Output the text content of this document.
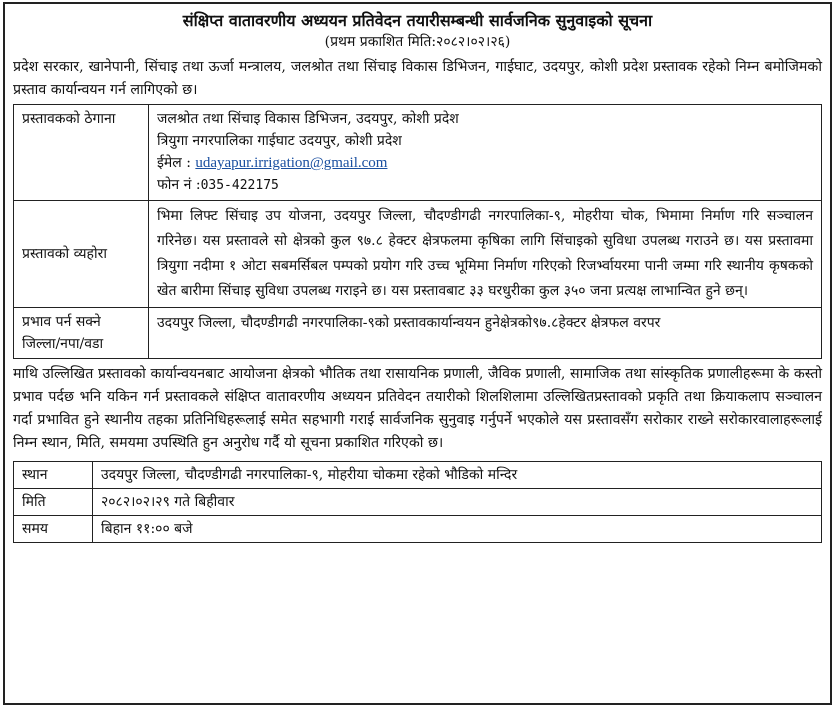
संक्षिप्त वातावरणीय अध्ययन प्रतिवेदन तयारीसम्बन्धी सार्वजनिक सुनुवाइको सूचना

(प्रथम प्रकाशित मिति:२०८२।०२।२६)

प्रदेश सरकार, खानेपानी, सिंचाइ तथा ऊर्जा मन्त्रालय, जलश्रोत तथा सिंचाइ विकास डिभिजन, गाईघाट, उदयपुर, कोशी प्रदेश प्रस्तावक रहेको निम्न बमोजिमको प्रस्ताव कार्यान्वयन गर्न लागिएको छ।

प्रस्तावकको ठेगाना	जलश्रोत तथा सिंचाइ विकास डिभिजन, उदयपुर, कोशी प्रदेश
त्रियुगा नगरपालिका गाईघाट उदयपुर, कोशी प्रदेश
ईमेल : udayapur.irrigation@gmail.com
फोन नं :035-422175

प्रस्तावको व्यहोरा	भिमा लिफ्ट सिंचाइ उप योजना, उदयपुर जिल्ला, चौदण्डीगढी नगरपालिका-९, मोहरीया चोक, भिमामा निर्माण गरि सञ्चालन गरिनेछ। यस प्रस्तावले सो क्षेत्रको कुल ९७.८ हेक्टर क्षेत्रफलमा कृषिका लागि सिंचाइको सुविधा उपलब्ध गराउने छ। यस प्रस्तावमा त्रियुगा नदीमा १ ओटा सबमर्सिबल पम्पको प्रयोग गरि उच्च भूमिमा निर्माण गरिएको रिजर्भ्वायरमा पानी जम्मा गरि स्थानीय कृषकको खेत बारीमा सिंचाइ सुविधा उपलब्ध गराइने छ। यस प्रस्तावबाट ३३ घरधुरीका कुल ३५० जना प्रत्यक्ष लाभान्वित हुने छन्।
प्रभाव पर्न सक्ने जिल्ला/नपा/वडा	उदयपुर जिल्ला, चौदण्डीगढी नगरपालिका-९को प्रस्तावकार्यान्वयन हुनेक्षेत्रको९७.८हेक्टर क्षेत्रफल वरपर

माथि उल्लिखित प्रस्तावको कार्यान्वयनबाट आयोजना क्षेत्रको भौतिक तथा रासायनिक प्रणाली, जैविक प्रणाली, सामाजिक तथा सांस्कृतिक प्रणालीहरूमा के कस्तो प्रभाव पर्दछ भनि यकिन गर्न प्रस्तावकले संक्षिप्त वातावरणीय अध्ययन प्रतिवेदन तयारीको शिलशिलामा उल्लिखितप्रस्तावको प्रकृति तथा क्रियाकलाप सञ्चालन गर्दा प्रभावित हुने स्थानीय तहका प्रतिनिधिहरूलाई समेत सहभागी गराई सार्वजनिक सुनुवाइ गर्नुपर्ने भएकोले यस प्रस्तावसँग सरोकार राख्ने सरोकारवालाहरूलाई निम्न स्थान, मिति, समयमा उपस्थिति हुन अनुरोध गर्दै यो सूचना प्रकाशित गरिएको छ।

स्थान	उदयपुर जिल्ला, चौदण्डीगढी नगरपालिका-९, मोहरीया चोकमा रहेको भौडिको मन्दिर
मिति	२०८२।०२।२९ गते बिहीवार
समय	बिहान ११:०० बजे
